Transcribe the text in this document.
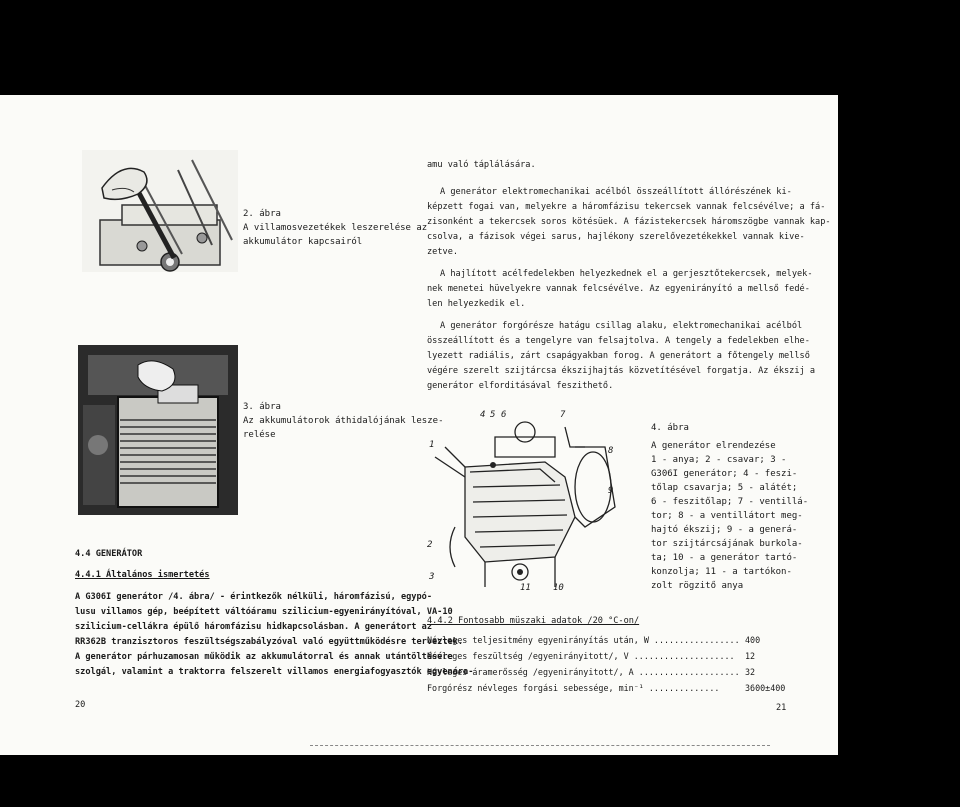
2. ábra
A villamosvezetékek leszerelése az
akkumulátor kapcsairól
3. ábra
Az akkumulátorok áthidalójának lesze-
relése
4.4 GENERÁTOR
4.4.1 Általános ismertetés
A G306I generátor /4. ábra/ - érintkezők nélküli, háromfázisú, egypó-
lusu villamos gép, beépített váltóáramu szilicium-egyenirányítóval, VA-10
szilicium-cellákra épülő háromfázisu hidkapcsolásban. A generátort az
RR362B tranzisztoros feszültségszabályzóval való együttműködésre terveztek.
A generátor párhuzamosan működik az akkumulátorral és annak utántöltésére
szolgál, valamint a traktorra felszerelt villamos energiafogyasztók egyenára-
20
amu való táplálására.
A generátor elektromechanikai acélból összeállított állórészének ki-
képzett fogai van, melyekre a háromfázisu tekercsek vannak felcsévélve; a fá-
zisonként a tekercsek soros kötésüek. A fázistekercsek háromszögbe vannak kap-
csolva, a fázisok végei sarus, hajlékony szerelővezetékekkel vannak kive-
zetve.
A hajlított acélfedelekben helyezkednek el a gerjesztőtekercsek, melyek-
nek menetei hüvelyekre vannak felcsévélve. Az egyenirányító a mellső fedé-
len helyezkedik el.
A generátor forgórésze hatágu csillag alaku, elektromechanikai acélból
összeállított és a tengelyre van felsajtolva. A tengely a fedelekben elhe-
lyezett radiális, zárt csapágyakban forog. A generátort a főtengely mellső
végére szerelt szijtárcsa ékszijhajtás közvetítésével forgatja. Az ékszij a
generátor elforditásával feszithető.
4 5 6	7
8
9
1
2
3
11 10
4. ábra
A generátor elrendezése
1 - anya; 2 - csavar; 3 -
G306I generátor; 4 - feszi-
tőlap csavarja; 5 - alátét;
6 - feszitőlap; 7 - ventillá-
tor; 8 - a ventillátort meg-
hajtó ékszij; 9 - a generá-
tor szijtárcsájának burkola-
ta; 10 - a generátor tartó-
konzolja; 11 - a tartókon-
zolt rögzitő anya
4.4.2 Fontosabb müszaki adatok /20 °C-on/
Névleges teljesitmény egyenirányítás után, W ................. 400
Névleges feszültség /egyenirányitott/, V .................... 12
Névleges áramerősség /egyenirányitott/, A .................... 32
Forgórész névleges forgási sebessége, min⁻¹ ..............	3600±400
21
